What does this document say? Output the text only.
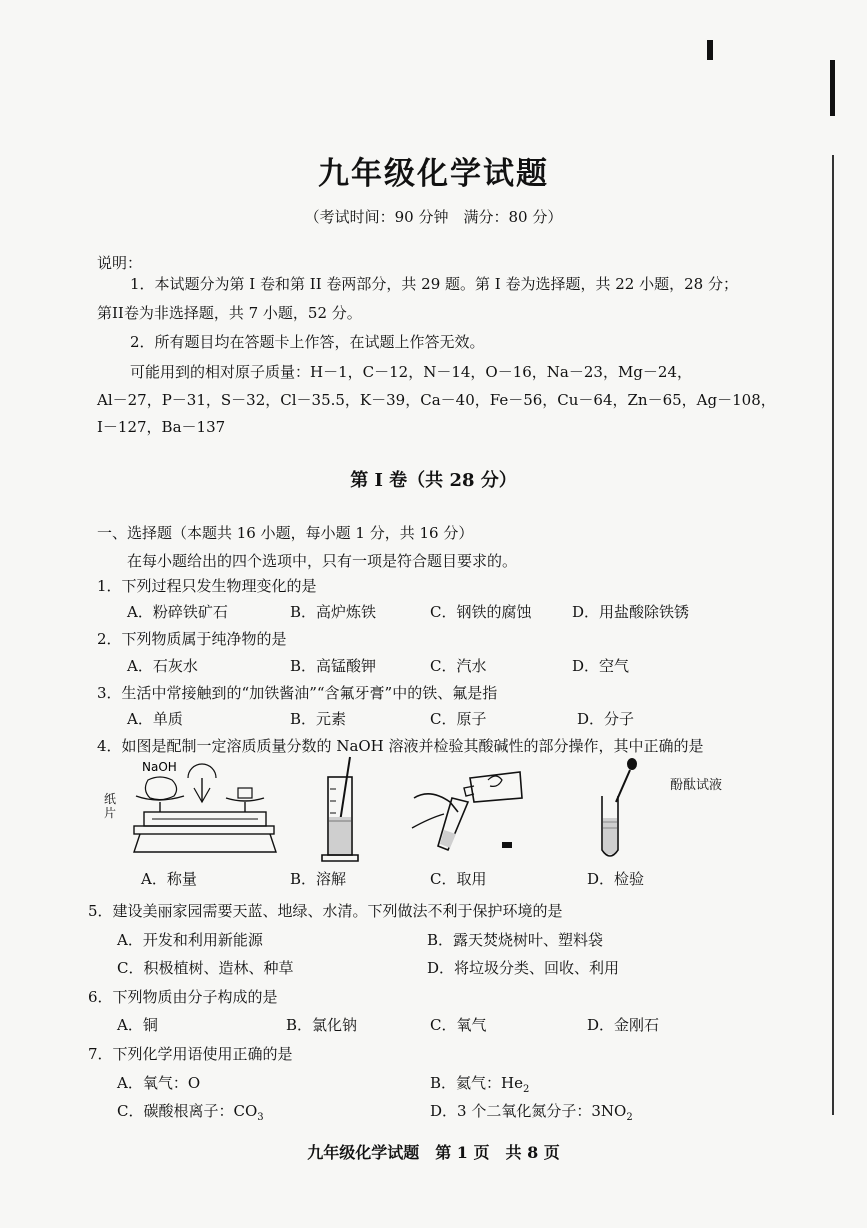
九年级化学试题
（考试时间：90 分钟　满分：80 分）
说明：
1．本试题分为第 I 卷和第 II 卷两部分，共 29 题。第 I 卷为选择题，共 22 小题，28 分；
第II卷为非选择题，共 7 小题，52 分。
2．所有题目均在答题卡上作答，在试题上作答无效。
可能用到的相对原子质量：H－1，C－12，N－14，O－16，Na－23，Mg－24，
Al－27，P－31，S－32，Cl－35.5，K－39，Ca－40，Fe－56，Cu－64，Zn－65，Ag－108，
I－127，Ba－137
第 I 卷（共 28 分）
一、选择题（本题共 16 小题，每小题 1 分，共 16 分）
在每小题给出的四个选项中，只有一项是符合题目要求的。
1．下列过程只发生物理变化的是
A．粉碎铁矿石	B．高炉炼铁	C．钢铁的腐蚀	D．用盐酸除铁锈
2．下列物质属于纯净物的是
A．石灰水	B．高锰酸钾	C．汽水	D．空气
3．生活中常接触到的“加铁酱油”“含氟牙膏”中的铁、氟是指
A．单质	B．元素	C．原子	D．分子
4．如图是配制一定溶质质量分数的 NaOH 溶液并检验其酸碱性的部分操作，其中正确的是
NaOH
纸片
酚酞试液
A．称量	B．溶解	C．取用	D．检验
5．建设美丽家园需要天蓝、地绿、水清。下列做法不利于保护环境的是
A．开发和利用新能源	B．露天焚烧树叶、塑料袋
C．积极植树、造林、种草	D．将垃圾分类、回收、利用
6．下列物质由分子构成的是
A．铜	B．氯化钠	C．氧气	D．金刚石
7．下列化学用语使用正确的是
A．氧气：O	B．氦气：$He_2$
C．碳酸根离子：$CO_3$	D．3 个二氧化氮分子：$3NO_2$
九年级化学试题　第 1 页　共 8 页
